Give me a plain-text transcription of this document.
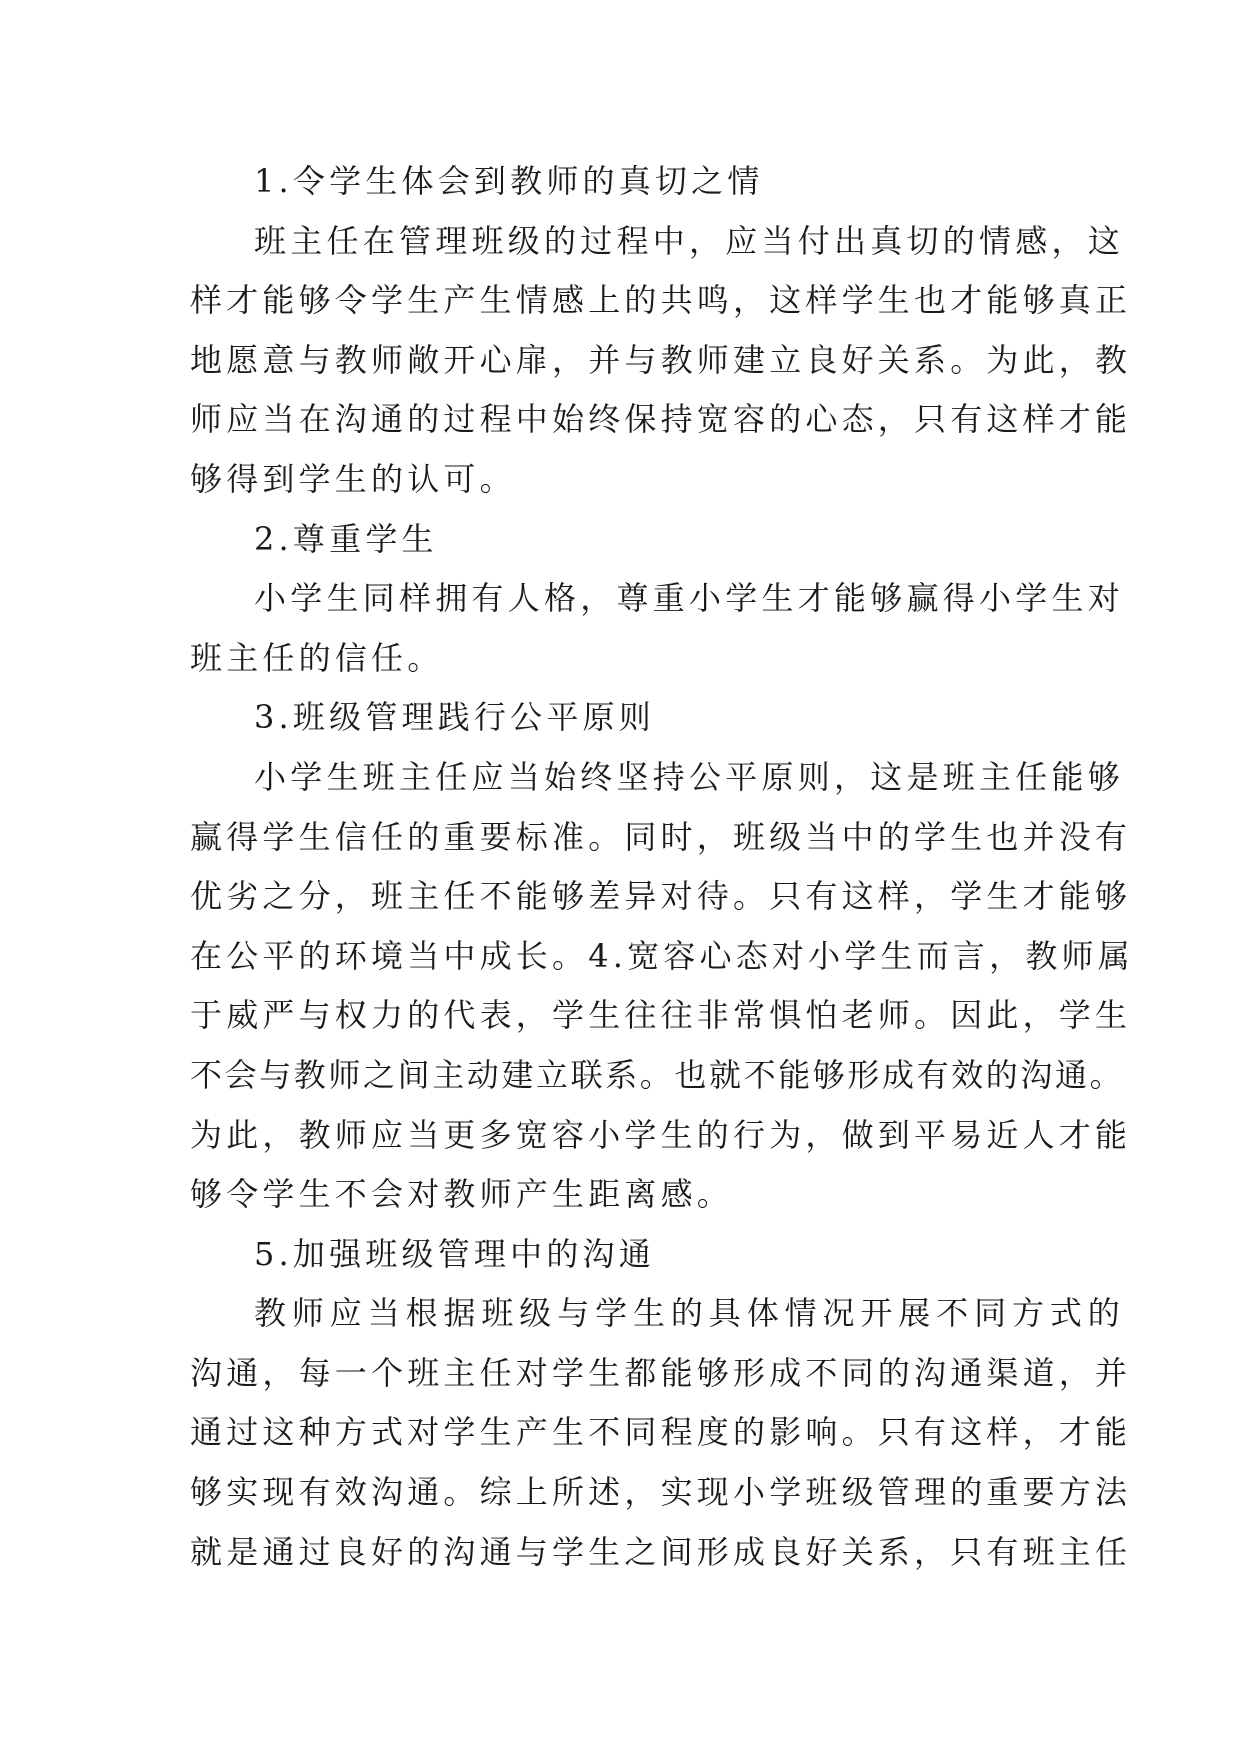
1.令学生体会到教师的真切之情
班主任在管理班级的过程中，应当付出真切的情感，这
样才能够令学生产生情感上的共鸣，这样学生也才能够真正
地愿意与教师敞开心扉，并与教师建立良好关系。为此，教
师应当在沟通的过程中始终保持宽容的心态，只有这样才能
够得到学生的认可。
2.尊重学生
小学生同样拥有人格，尊重小学生才能够赢得小学生对
班主任的信任。
3.班级管理践行公平原则
小学生班主任应当始终坚持公平原则，这是班主任能够
赢得学生信任的重要标准。同时，班级当中的学生也并没有
优劣之分，班主任不能够差异对待。只有这样，学生才能够
在公平的环境当中成长。4.宽容心态对小学生而言，教师属
于威严与权力的代表，学生往往非常惧怕老师。因此，学生
不会与教师之间主动建立联系。也就不能够形成有效的沟通。
为此，教师应当更多宽容小学生的行为，做到平易近人才能
够令学生不会对教师产生距离感。
5.加强班级管理中的沟通
教师应当根据班级与学生的具体情况开展不同方式的
沟通，每一个班主任对学生都能够形成不同的沟通渠道，并
通过这种方式对学生产生不同程度的影响。只有这样，才能
够实现有效沟通。综上所述，实现小学班级管理的重要方法
就是通过良好的沟通与学生之间形成良好关系，只有班主任
